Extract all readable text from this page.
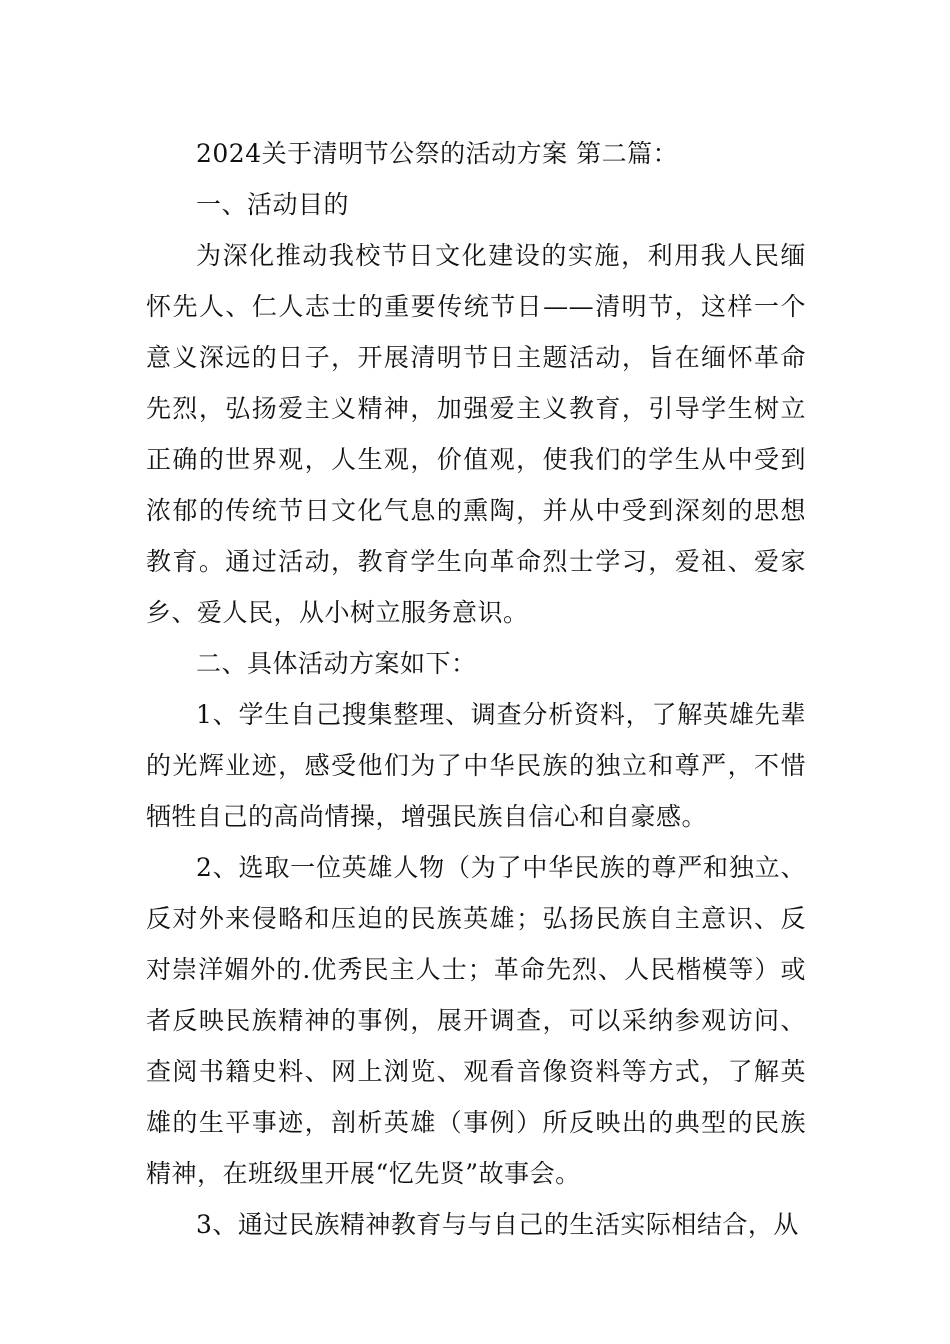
2024关于清明节公祭的活动方案 第二篇：

一、活动目的

为深化推动我校节日文化建设的实施，利用我人民缅怀先人、仁人志士的重要传统节日——清明节，这样一个意义深远的日子，开展清明节日主题活动，旨在缅怀革命先烈，弘扬爱主义精神，加强爱主义教育，引导学生树立正确的世界观，人生观，价值观，使我们的学生从中受到浓郁的传统节日文化气息的熏陶，并从中受到深刻的思想教育。通过活动，教育学生向革命烈士学习，爱祖、爱家乡、爱人民，从小树立服务意识。

二、具体活动方案如下：

1、学生自己搜集整理、调查分析资料，了解英雄先辈的光辉业迹，感受他们为了中华民族的独立和尊严，不惜牺牲自己的高尚情操，增强民族自信心和自豪感。

2、选取一位英雄人物（为了中华民族的尊严和独立、反对外来侵略和压迫的民族英雄；弘扬民族自主意识、反对崇洋媚外的.优秀民主人士；革命先烈、人民楷模等）或者反映民族精神的事例，展开调查，可以采纳参观访问、查阅书籍史料、网上浏览、观看音像资料等方式，了解英雄的生平事迹，剖析英雄（事例）所反映出的典型的民族精神，在班级里开展“忆先贤”故事会。

3、通过民族精神教育与与自己的生活实际相结合，从
